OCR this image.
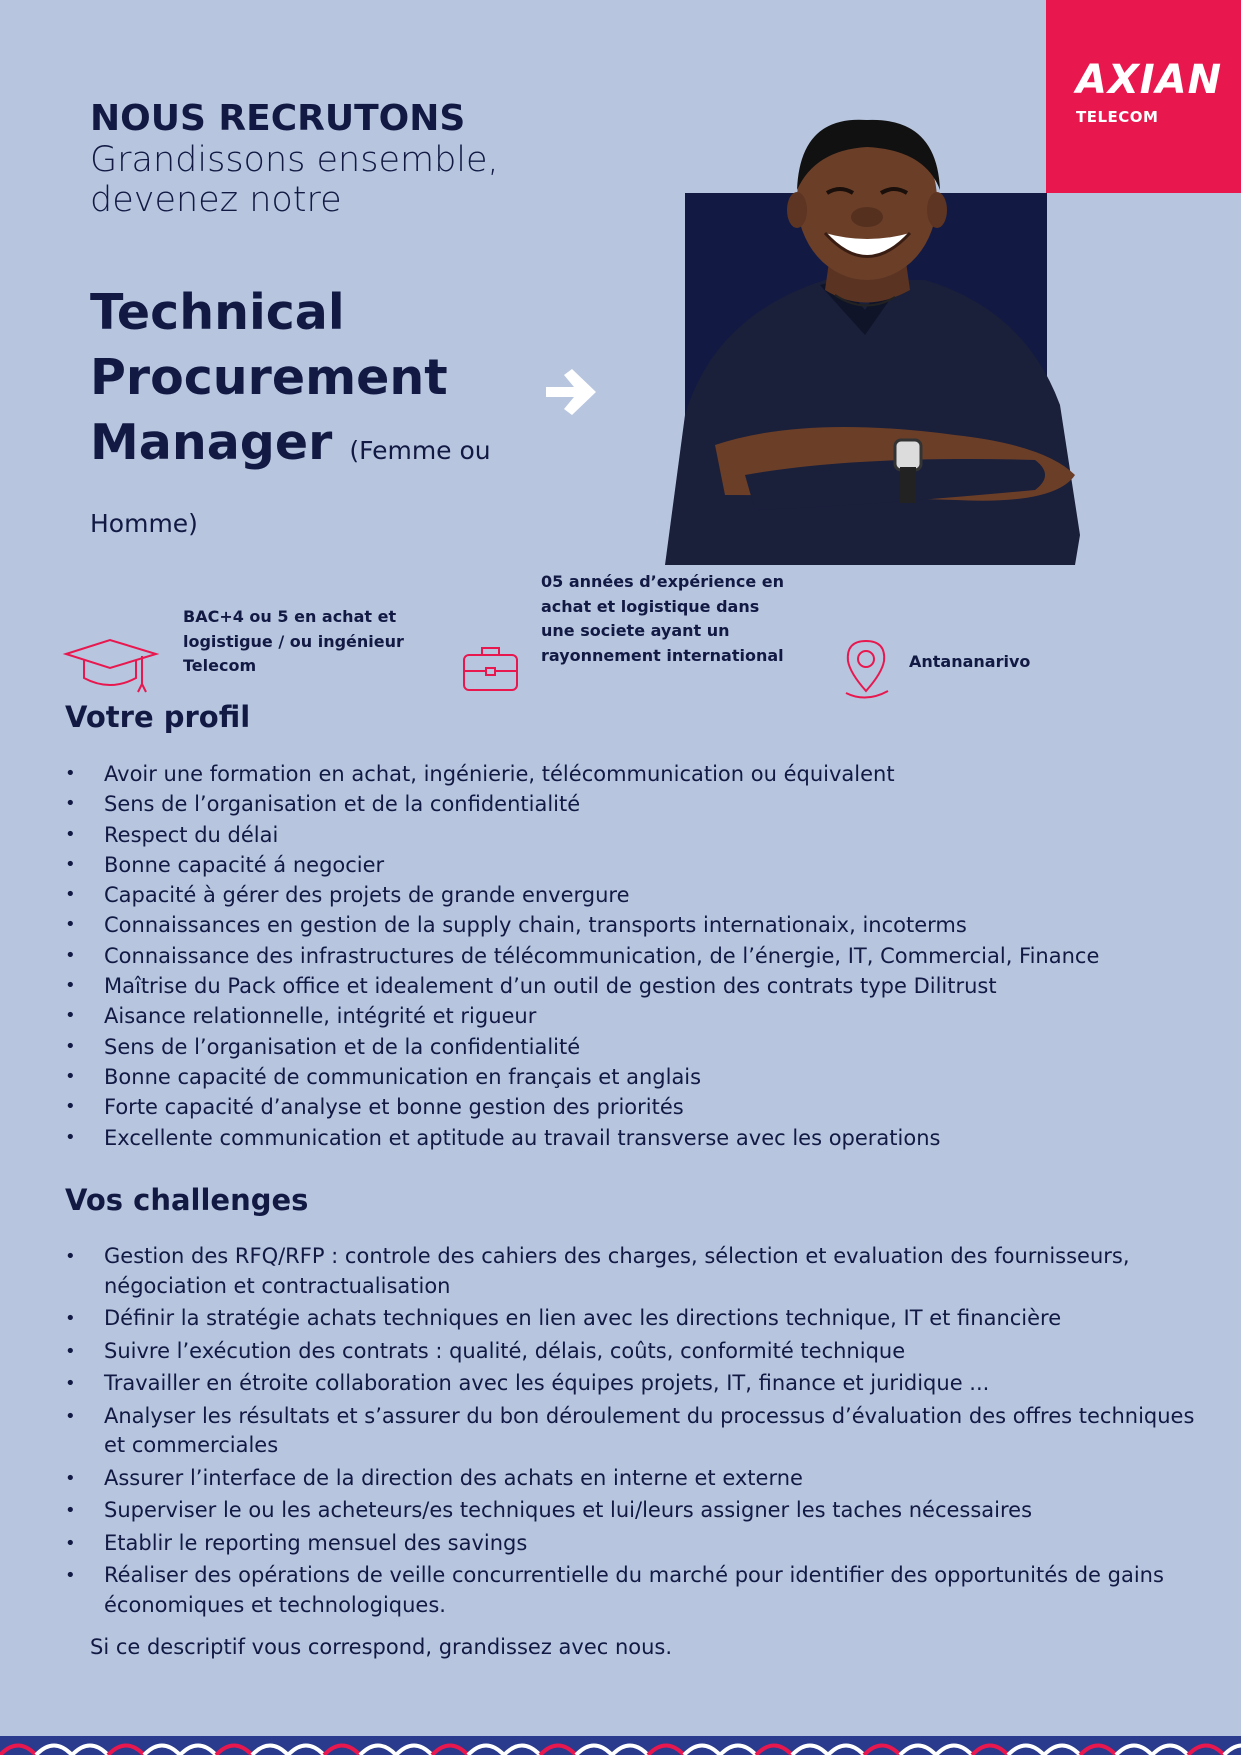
AXIAN
TELECOM
NOUS RECRUTONS
Grandissons ensemble, devenez notre
Technical
Procurement
Manager (Femme ou Homme)
BAC+4 ou 5 en achat et logistigue / ou ingénieur Telecom
05 années d’expérience en achat et logistique dans une societe ayant un rayonnement international	Antananarivo
Votre profil
• Avoir une formation en achat, ingénierie, télécommunication ou équivalent
• Sens de l’organisation et de la confidentialité
• Respect du délai
• Bonne capacité á negocier
• Capacité à gérer des projets de grande envergure
• Connaissances en gestion de la supply chain, transports internationaix, incoterms
• Connaissance des infrastructures de télécommunication, de l’énergie, IT, Commercial, Finance
• Maîtrise du Pack office et idealement d’un outil de gestion des contrats type Dilitrust
• Aisance relationnelle, intégrité et rigueur
• Sens de l’organisation et de la confidentialité
• Bonne capacité de communication en français et anglais
• Forte capacité d’analyse et bonne gestion des priorités
• Excellente communication et aptitude au travail transverse avec les operations
Vos challenges
• Gestion des RFQ/RFP : controle des cahiers des charges, sélection et evaluation des fournisseurs, négociation et contractualisation
• Définir la stratégie achats techniques en lien avec les directions technique, IT et financière
• Suivre l’exécution des contrats : qualité, délais, coûts, conformité technique
• Travailler en étroite collaboration avec les équipes projets, IT, finance et juridique ...
• Analyser les résultats et s’assurer du bon déroulement du processus d’évaluation des offres techniques et commerciales
• Assurer l’interface de la direction des achats en interne et externe
• Superviser le ou les acheteurs/es techniques et lui/leurs assigner les taches nécessaires
• Etablir le reporting mensuel des savings
• Réaliser des opérations de veille concurrentielle du marché pour identifier des opportunités de gains économiques et technologiques.
Si ce descriptif vous correspond, grandissez avec nous.
